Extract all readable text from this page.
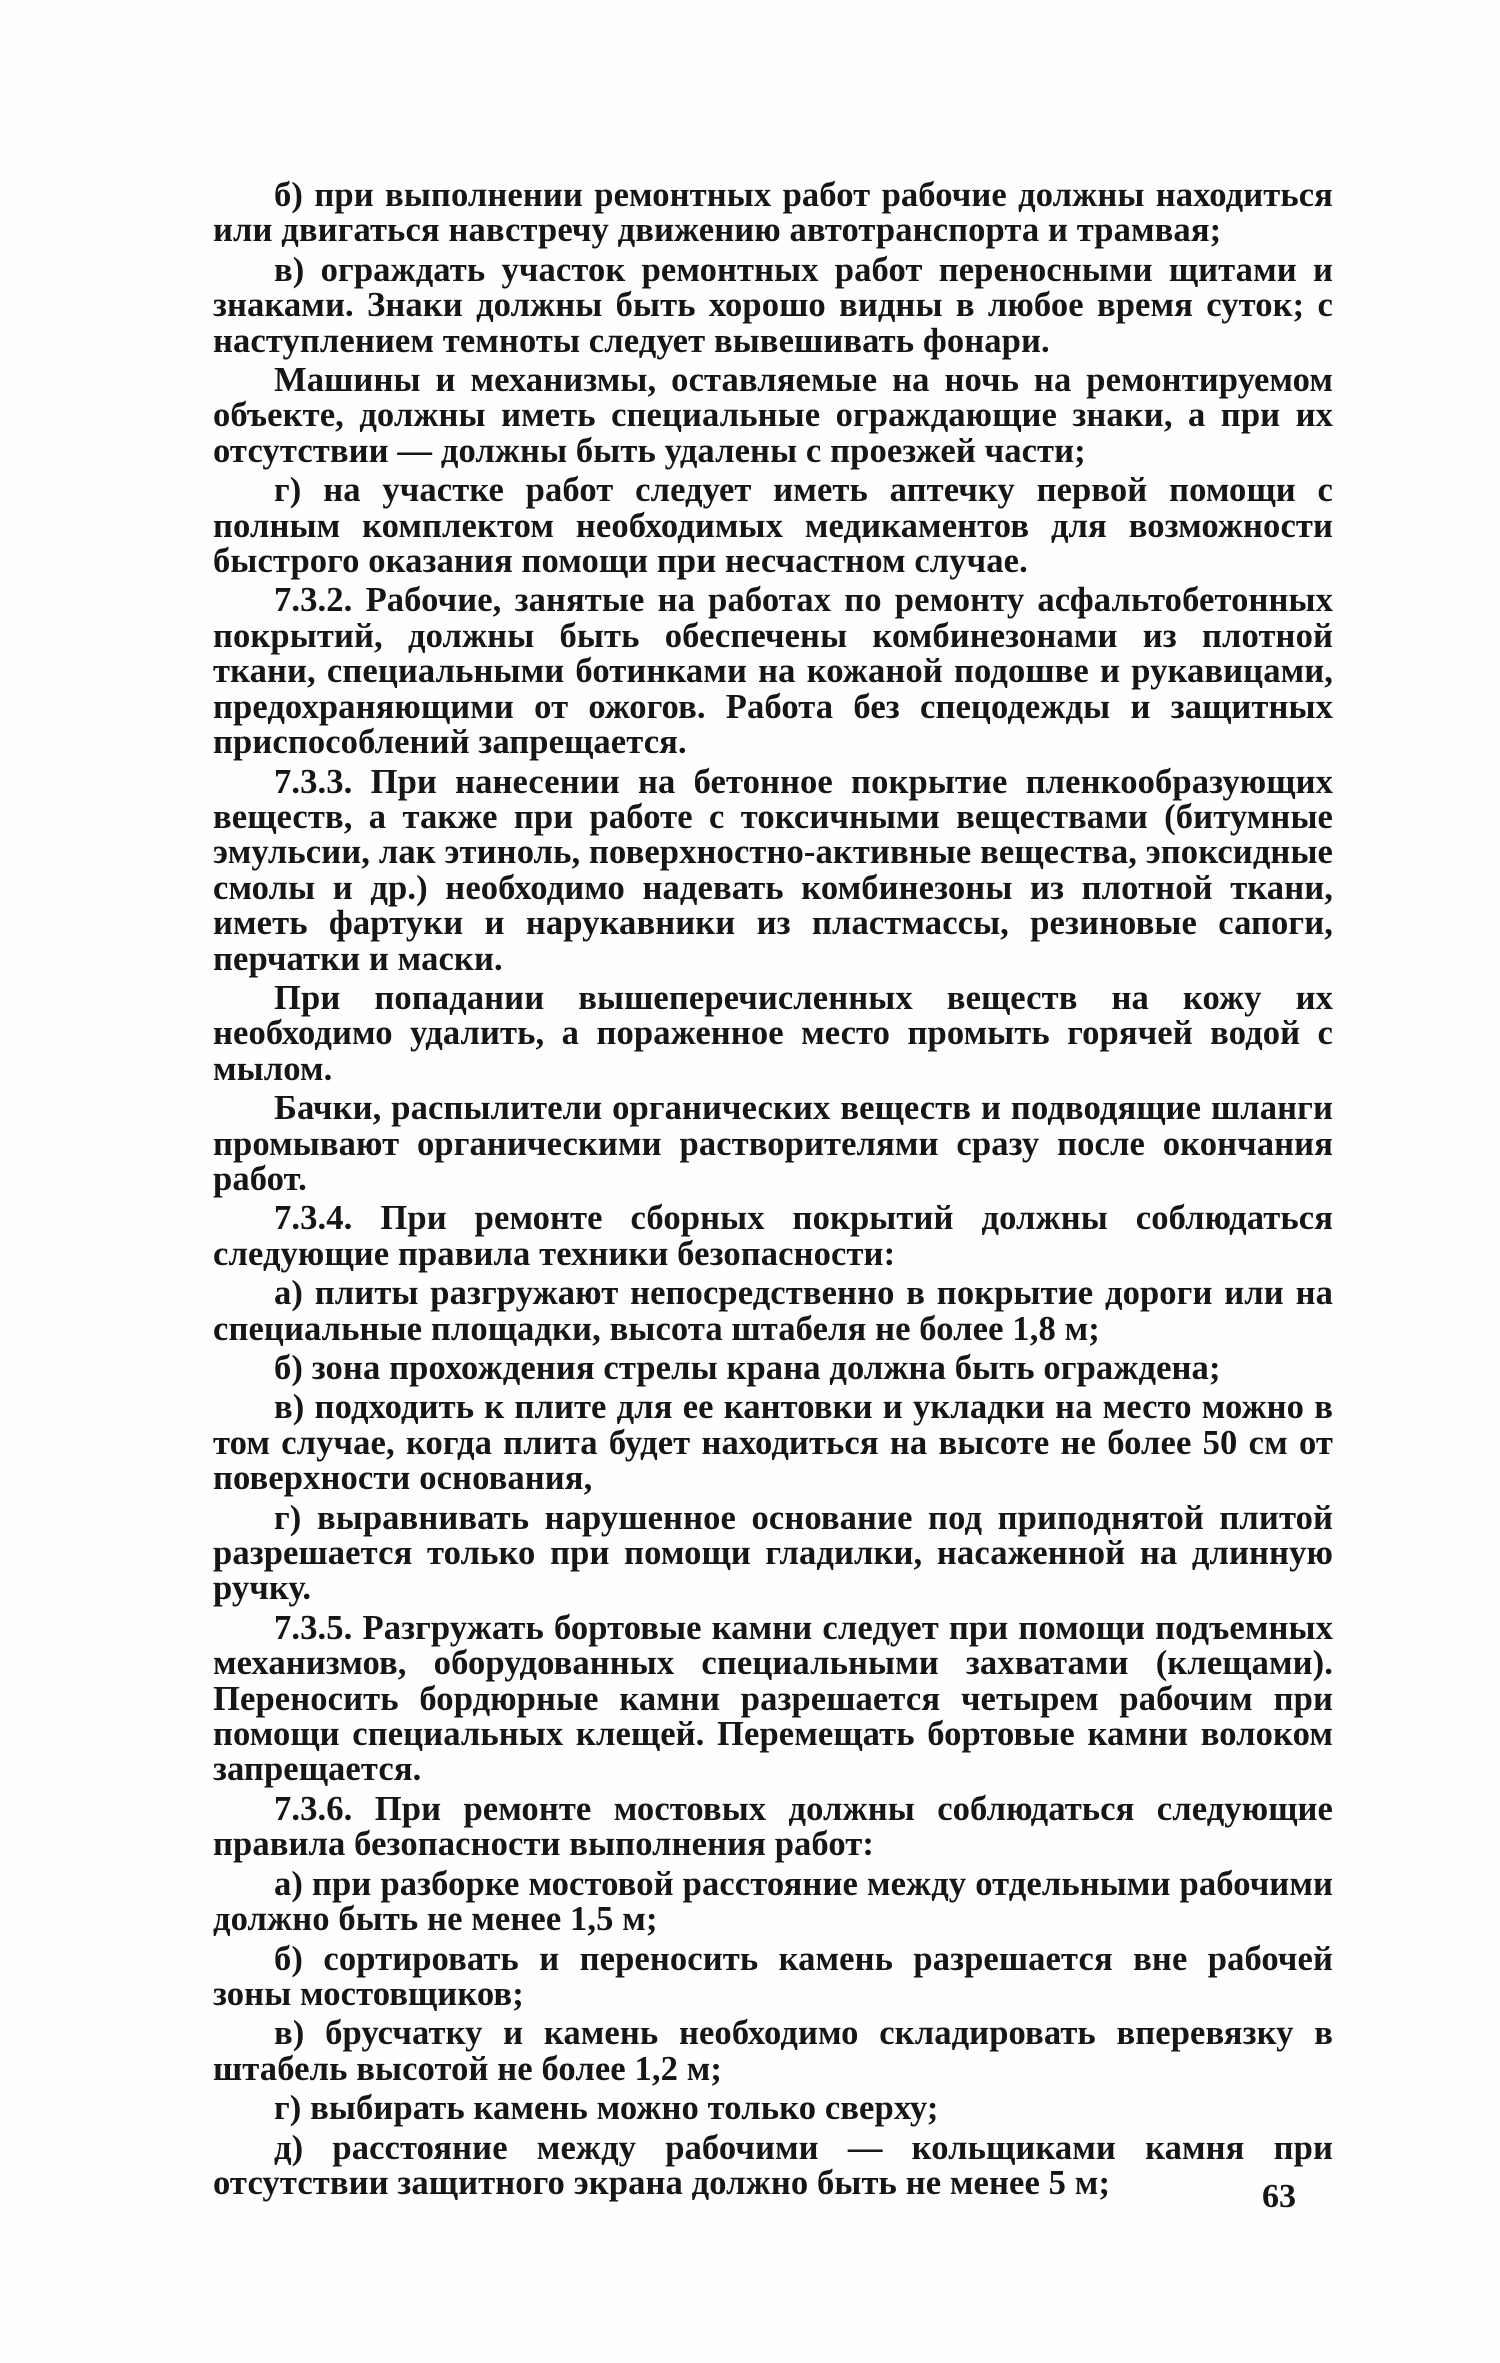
б) при выполнении ремонтных работ рабочие должны находиться или двигаться навстречу движению автотранспорта и трамвая;

в) ограждать участок ремонтных работ переносными щитами и знаками. Знаки должны быть хорошо видны в любое время суток; с наступлением темноты следует вывешивать фонари.

Машины и механизмы, оставляемые на ночь на ремонтируемом объекте, должны иметь специальные ограждающие знаки, а при их отсутствии — должны быть удалены с проезжей части;

г) на участке работ следует иметь аптечку первой помощи с полным комплектом необходимых медикаментов для возможности быстрого оказания помощи при несчастном случае.

7.3.2. Рабочие, занятые на работах по ремонту асфальтобетонных покрытий, должны быть обеспечены комбинезонами из плотной ткани, специальными ботинками на кожаной подошве и рукавицами, предохраняющими от ожогов. Работа без спецодежды и защитных приспособлений запрещается.

7.3.3. При нанесении на бетонное покрытие пленкообразующих веществ, а также при работе с токсичными веществами (битумные эмульсии, лак этиноль, поверхностно-активные вещества, эпоксидные смолы и др.) необходимо надевать комбинезоны из плотной ткани, иметь фартуки и нарукавники из пластмассы, резиновые сапоги, перчатки и маски.

При попадании вышеперечисленных веществ на кожу их необходимо удалить, а пораженное место промыть горячей водой с мылом.

Бачки, распылители органических веществ и подводящие шланги промывают органическими растворителями сразу после окончания работ.

7.3.4. При ремонте сборных покрытий должны соблюдаться следующие правила техники безопасности:

а) плиты разгружают непосредственно в покрытие дороги или на специальные площадки, высота штабеля не более 1,8 м;

б) зона прохождения стрелы крана должна быть ограждена;

в) подходить к плите для ее кантовки и укладки на место можно в том случае, когда плита будет находиться на высоте не более 50 см от поверхности основания,

г) выравнивать нарушенное основание под приподнятой плитой разрешается только при помощи гладилки, насаженной на длинную ручку.

7.3.5. Разгружать бортовые камни следует при помощи подъемных механизмов, оборудованных специальными захватами (клещами). Переносить бордюрные камни разрешается четырем рабочим при помощи специальных клещей. Перемещать бортовые камни волоком запрещается.

7.3.6. При ремонте мостовых должны соблюдаться следующие правила безопасности выполнения работ:

а) при разборке мостовой расстояние между отдельными рабочими должно быть не менее 1,5 м;

б) сортировать и переносить камень разрешается вне рабочей зоны мостовщиков;

в) брусчатку и камень необходимо складировать вперевязку в штабель высотой не более 1,2 м;

г) выбирать камень можно только сверху;

д) расстояние между рабочими — кольщиками камня при отсутствии защитного экрана должно быть не менее 5 м;	63
